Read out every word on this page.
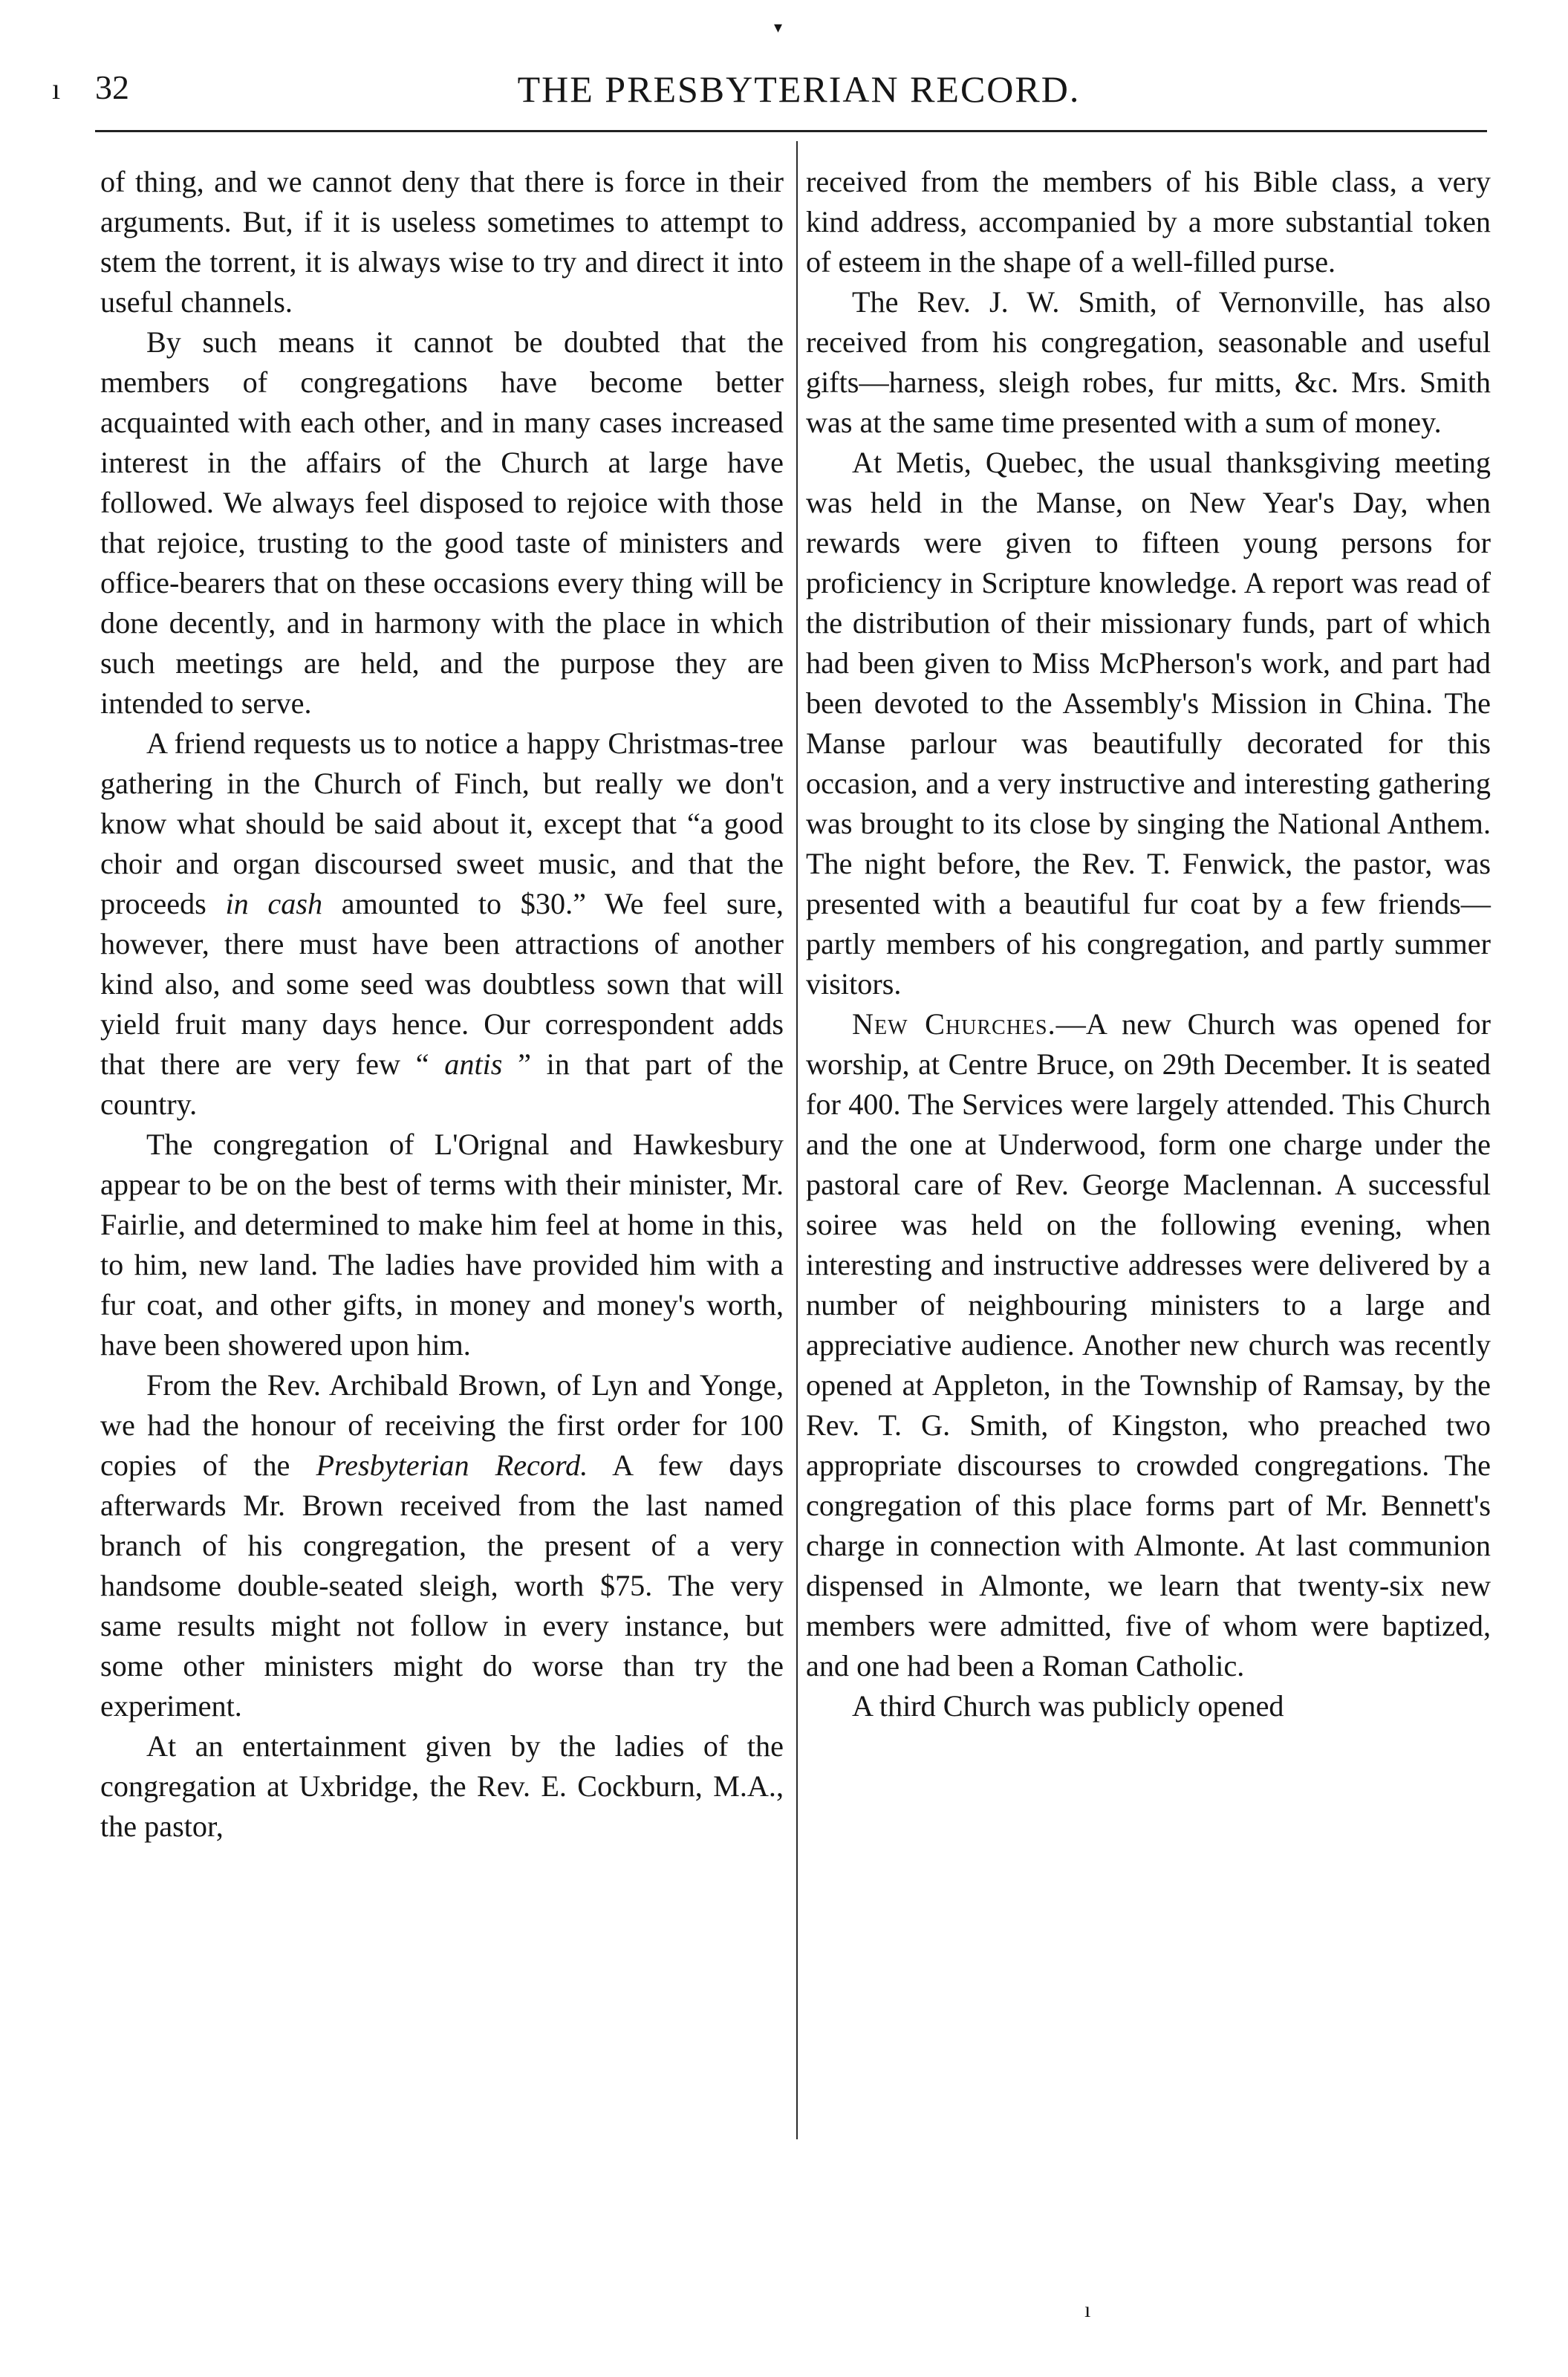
ı
▾
32	THE PRESBYTERIAN RECORD.

of thing, and we cannot deny that there is force in their arguments. But, if it is useless sometimes to attempt to stem the torrent, it is always wise to try and direct it into useful channels.

By such means it cannot be doubted that the members of congregations have become better acquainted with each other, and in many cases increased interest in the affairs of the Church at large have followed. We always feel disposed to rejoice with those that rejoice, trusting to the good taste of ministers and office-bearers that on these occasions every thing will be done decently, and in harmony with the place in which such meetings are held, and the purpose they are intended to serve.

A friend requests us to notice a happy Christmas-tree gathering in the Church of Finch, but really we don't know what should be said about it, except that “a good choir and organ discoursed sweet music, and that the proceeds in cash amounted to $30.” We feel sure, however, there must have been attractions of another kind also, and some seed was doubtless sown that will yield fruit many days hence. Our correspondent adds that there are very few “ antis ” in that part of the country.

The congregation of L'Orignal and Hawkesbury appear to be on the best of terms with their minister, Mr. Fairlie, and determined to make him feel at home in this, to him, new land. The ladies have provided him with a fur coat, and other gifts, in money and money's worth, have been showered upon him.

From the Rev. Archibald Brown, of Lyn and Yonge, we had the honour of receiving the first order for 100 copies of the Presbyterian Record. A few days afterwards Mr. Brown received from the last named branch of his congregation, the present of a very handsome double-seated sleigh, worth $75. The very same results might not follow in every instance, but some other ministers might do worse than try the experiment.

At an entertainment given by the ladies of the congregation at Uxbridge, the Rev. E. Cockburn, M.A., the pastor,

received from the members of his Bible class, a very kind address, accompanied by a more substantial token of esteem in the shape of a well-filled purse.

The Rev. J. W. Smith, of Vernonville, has also received from his congregation, seasonable and useful gifts—harness, sleigh robes, fur mitts, &c. Mrs. Smith was at the same time presented with a sum of money.

At Metis, Quebec, the usual thanksgiving meeting was held in the Manse, on New Year's Day, when rewards were given to fifteen young persons for proficiency in Scripture knowledge. A report was read of the distribution of their missionary funds, part of which had been given to Miss McPherson's work, and part had been devoted to the Assembly's Mission in China. The Manse parlour was beautifully decorated for this occasion, and a very instructive and interesting gathering was brought to its close by singing the National Anthem. The night before, the Rev. T. Fenwick, the pastor, was presented with a beautiful fur coat by a few friends—partly members of his congregation, and partly summer visitors.

New Churches.—A new Church was opened for worship, at Centre Bruce, on 29th December. It is seated for 400. The Services were largely attended. This Church and the one at Underwood, form one charge under the pastoral care of Rev. George Maclennan. A successful soiree was held on the following evening, when interesting and instructive addresses were delivered by a number of neighbouring ministers to a large and appreciative audience. Another new church was recently opened at Appleton, in the Township of Ramsay, by the Rev. T. G. Smith, of Kingston, who preached two appropriate discourses to crowded congregations. The congregation of this place forms part of Mr. Bennett's charge in connection with Almonte. At last communion dispensed in Almonte, we learn that twenty-six new members were admitted, five of whom were baptized, and one had been a Roman Catholic.

A third Church was publicly opened

ı
